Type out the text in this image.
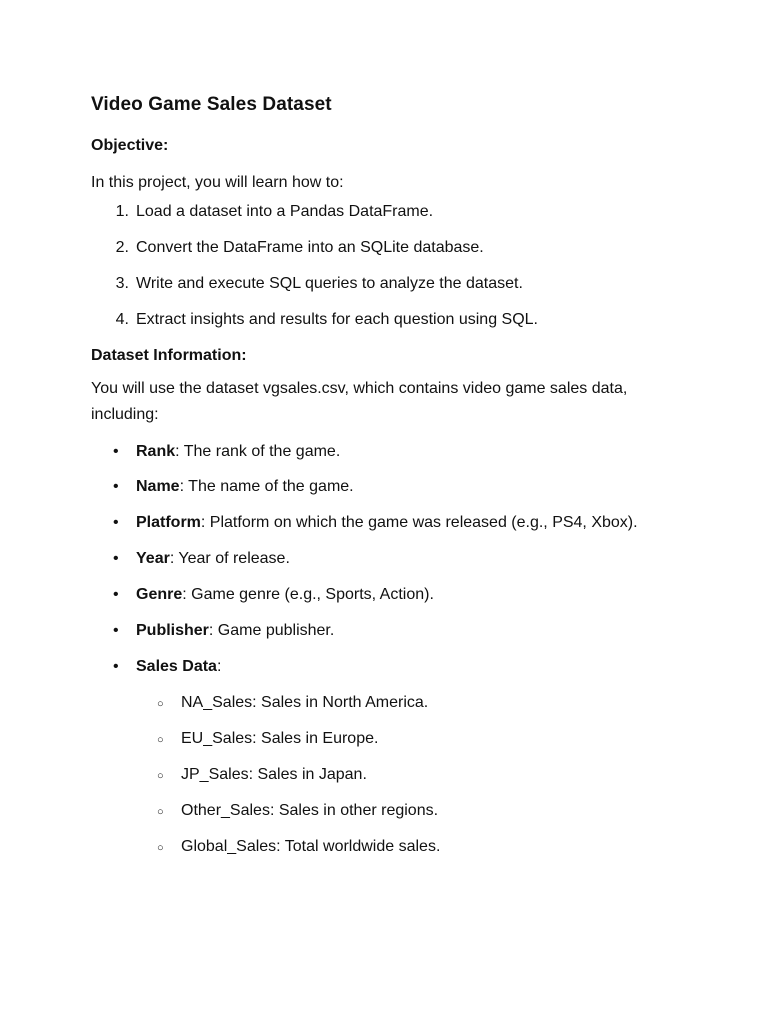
Video Game Sales Dataset
Objective:

In this project, you will learn how to:

1. Load a dataset into a Pandas DataFrame.
2. Convert the DataFrame into an SQLite database.
3. Write and execute SQL queries to analyze the dataset.
4. Extract insights and results for each question using SQL.
Dataset Information:

You will use the dataset vgsales.csv, which contains video game sales data, including:

•	Rank: The rank of the game.
•	Name: The name of the game.
•	Platform: Platform on which the game was released (e.g., PS4, Xbox).
•	Year: Year of release.
•	Genre: Game genre (e.g., Sports, Action).
•	Publisher: Game publisher.
•	Sales Data:
○	NA_Sales: Sales in North America.
○	EU_Sales: Sales in Europe.
○	JP_Sales: Sales in Japan.
○	Other_Sales: Sales in other regions.
○	Global_Sales: Total worldwide sales.
